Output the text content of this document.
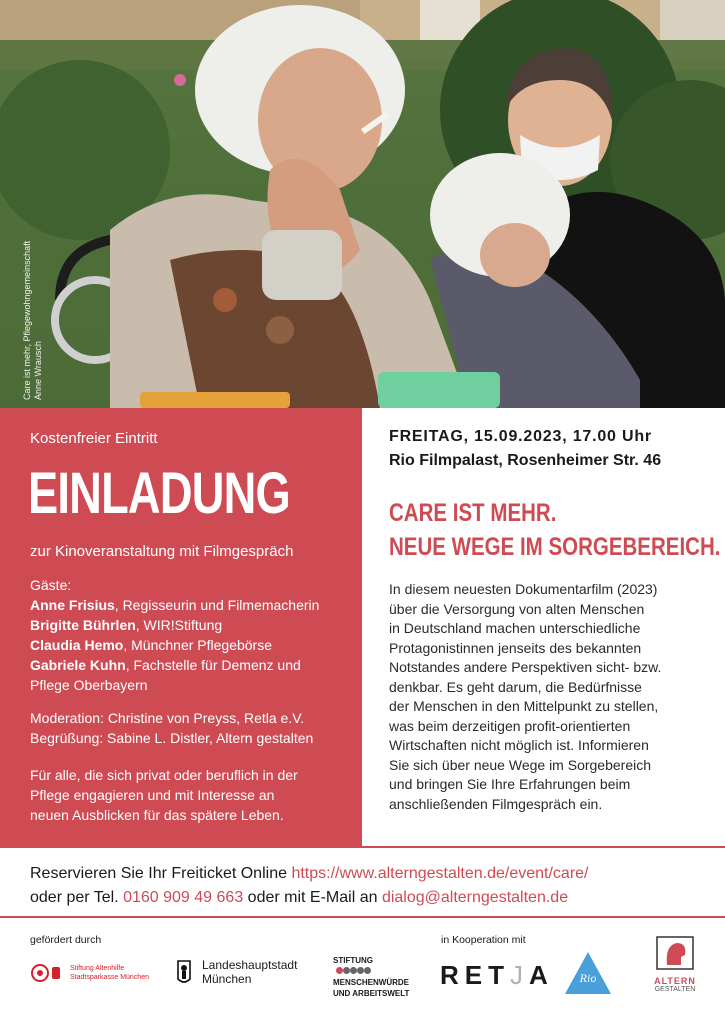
Care ist mehr, Pflegewohngemeinschaft Anne Wrausch
Kostenfreier Eintritt
EINLADUNG
zur Kinoveranstaltung mit Filmgespräch
Gäste:
Anne Frisius, Regisseurin und Filmemacherin
Brigitte Bührlen, WIR!Stiftung
Claudia Hemo, Münchner Pflegebörse
Gabriele Kuhn, Fachstelle für Demenz und
Pflege Oberbayern
Moderation: Christine von Preyss, Retla e.V.
Begrüßung: Sabine L. Distler, Altern gestalten
Für alle, die sich privat oder beruflich in der
Pflege engagieren und mit Interesse an
neuen Ausblicken für das spätere Leben.
FREITAG, 15.09.2023, 17.00 Uhr
Rio Filmpalast, Rosenheimer Str. 46
CARE IST MEHR.
NEUE WEGE IM SORGEBEREICH.
In diesem neuesten Dokumentarfilm (2023)
über die Versorgung von alten Menschen
in Deutschland machen unterschiedliche
Protagonistinnen jenseits des bekannten
Notstandes andere Perspektiven sicht- bzw.
denkbar. Es geht darum, die Bedürfnisse
der Menschen in den Mittelpunkt zu stellen,
was beim derzeitigen profit-orientierten
Wirtschaften nicht möglich ist. Informieren
Sie sich über neue Wege im Sorgebereich
und bringen Sie Ihre Erfahrungen beim
anschließenden Filmgespräch ein.
Reservieren Sie Ihr Freiticket Online https://www.alterngestalten.de/event/care/
oder per Tel. 0160 909 49 663 oder mit E-Mail an dialog@alterngestalten.de
gefördert durch	in Kooperation mit
Stiftung Altenhilfe
Stadtsparkasse München
Landeshauptstadt
München
STIFTUNG
MENSCHENWÜRDE
UND ARBEITSWELT
RETJA Rio	ALTERN
GESTALTEN
